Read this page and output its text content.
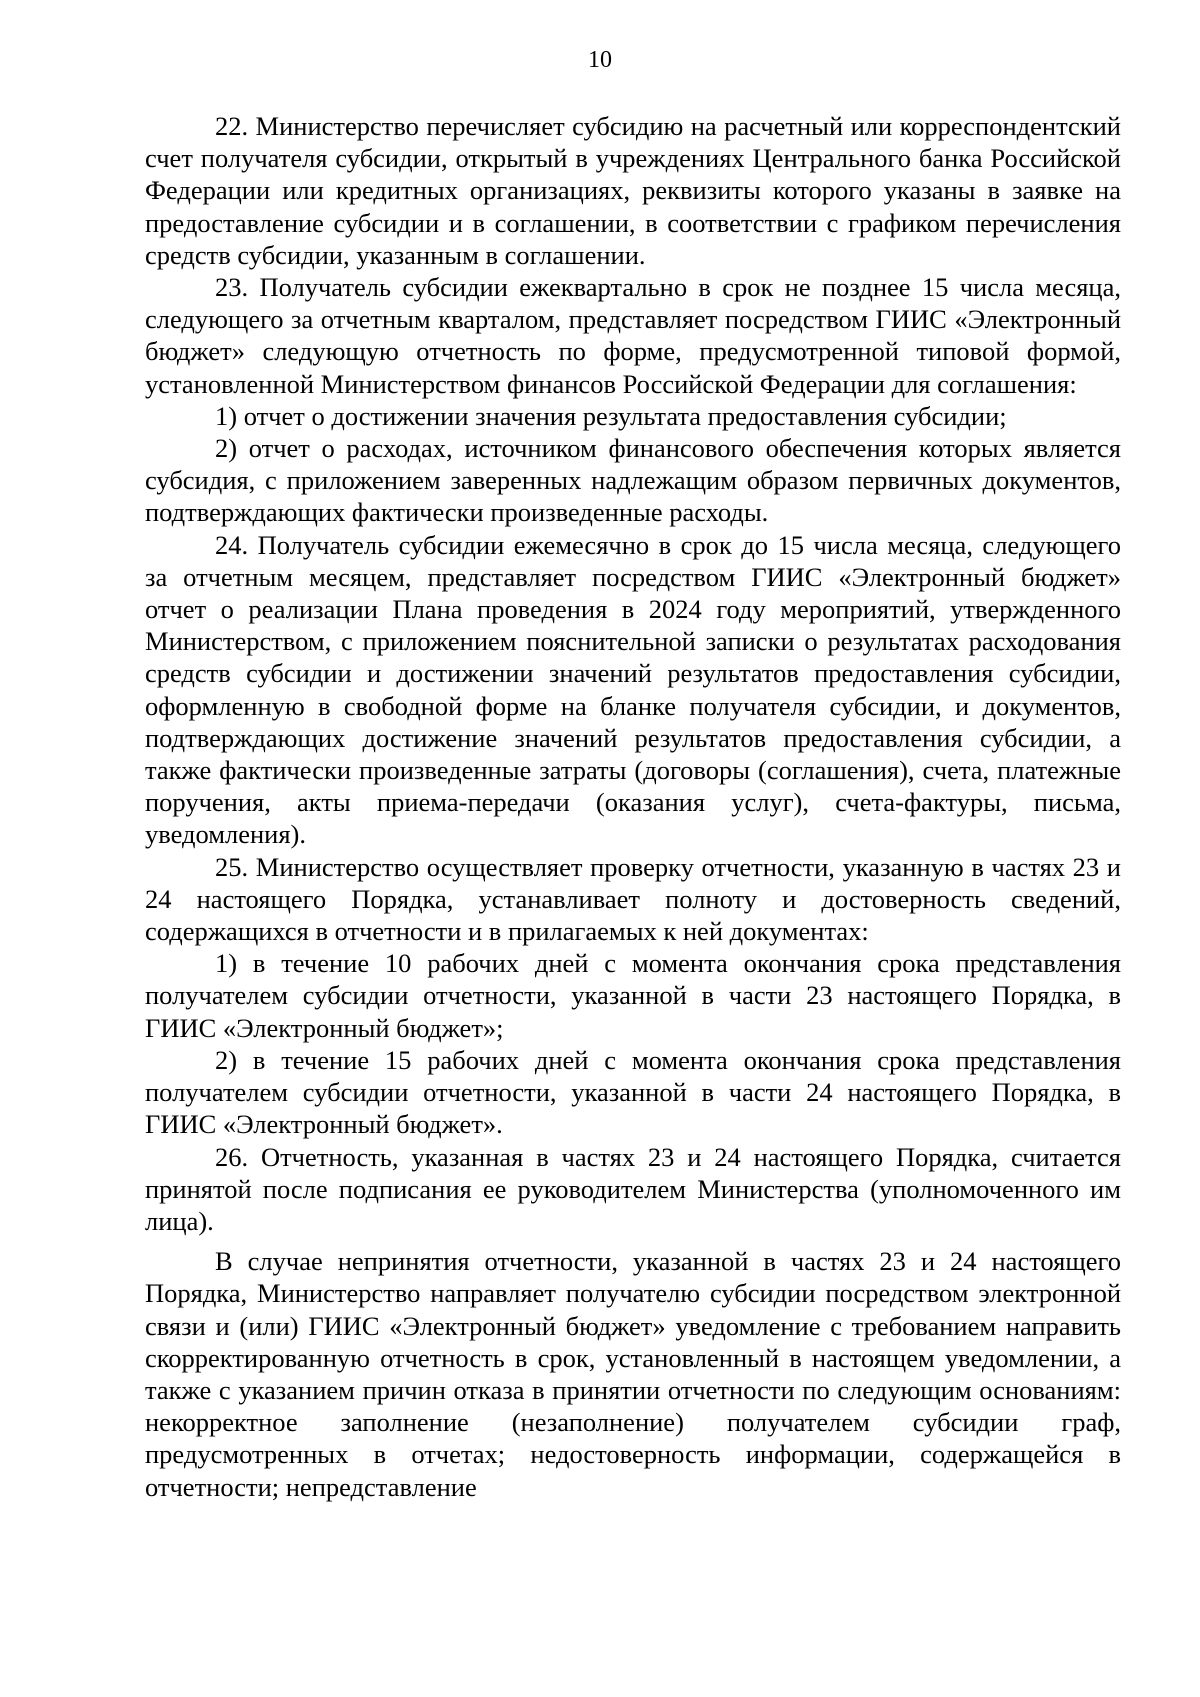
10

22. Министерство перечисляет субсидию на расчетный или корреспондентский счет получателя субсидии, открытый в учреждениях Центрального банка Российской Федерации или кредитных организациях, реквизиты которого указаны в заявке на предоставление субсидии и в соглашении, в соответствии с графиком перечисления средств субсидии, указанным в соглашении.

23. Получатель субсидии ежеквартально в срок не позднее 15 числа месяца, следующего за отчетным кварталом, представляет посредством ГИИС «Электронный бюджет» следующую отчетность по форме, предусмотренной типовой формой, установленной Министерством финансов Российской Федерации для соглашения:

1) отчет о достижении значения результата предоставления субсидии;

2) отчет о расходах, источником финансового обеспечения которых является субсидия, с приложением заверенных надлежащим образом первичных документов, подтверждающих фактически произведенные расходы.

24. Получатель субсидии ежемесячно в срок до 15 числа месяца, следующего за отчетным месяцем, представляет посредством ГИИС «Электронный бюджет» отчет о реализации Плана проведения в 2024 году мероприятий, утвержденного Министерством, с приложением пояснительной записки о результатах расходования средств субсидии и достижении значений результатов предоставления субсидии, оформленную в свободной форме на бланке получателя субсидии, и документов, подтверждающих достижение значений результатов предоставления субсидии, а также фактически произведенные затраты (договоры (соглашения), счета, платежные поручения, акты приема-передачи (оказания услуг), счета-фактуры, письма, уведомления).

25. Министерство осуществляет проверку отчетности, указанную в частях 23 и 24 настоящего Порядка, устанавливает полноту и достоверность сведений, содержащихся в отчетности и в прилагаемых к ней документах:

1) в течение 10 рабочих дней с момента окончания срока представления получателем субсидии отчетности, указанной в части 23 настоящего Порядка, в ГИИС «Электронный бюджет»;

2) в течение 15 рабочих дней с момента окончания срока представления получателем субсидии отчетности, указанной в части 24 настоящего Порядка, в ГИИС «Электронный бюджет».

26. Отчетность, указанная в частях 23 и 24 настоящего Порядка, считается принятой после подписания ее руководителем Министерства (уполномоченного им лица).

В случае непринятия отчетности, указанной в частях 23 и 24 настоящего Порядка, Министерство направляет получателю субсидии посредством электронной связи и (или) ГИИС «Электронный бюджет» уведомление с требованием направить скорректированную отчетность в срок, установленный в настоящем уведомлении, а также с указанием причин отказа в принятии отчетности по следующим основаниям: некорректное заполнение (незаполнение) получателем субсидии граф, предусмотренных в отчетах; недостоверность информации, содержащейся в отчетности; непредставление
